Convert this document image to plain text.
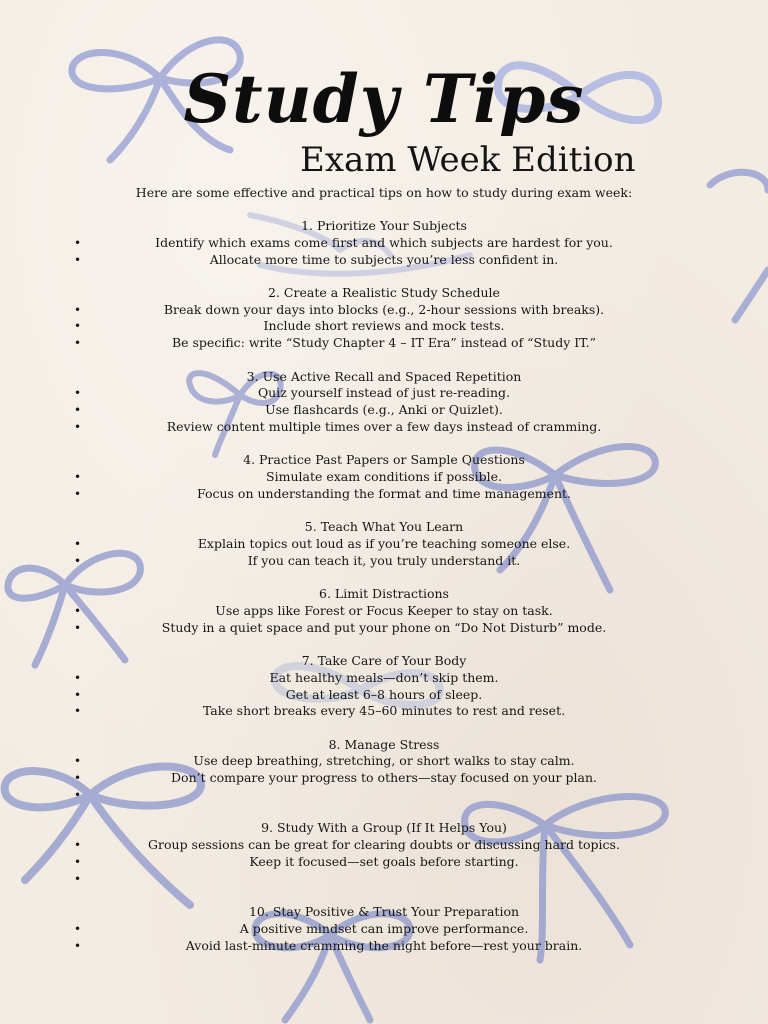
Study Tips
Exam Week Edition
Here are some effective and practical tips on how to study during exam week:
1. Prioritize Your Subjects
•	Identify which exams come first and which subjects are hardest for you.
•	Allocate more time to subjects you’re less confident in.
2. Create a Realistic Study Schedule
•	Break down your days into blocks (e.g., 2-hour sessions with breaks).
•	Include short reviews and mock tests.
•	Be specific: write “Study Chapter 4 – IT Era” instead of “Study IT.”
3. Use Active Recall and Spaced Repetition
•	Quiz yourself instead of just re-reading.
•	Use flashcards (e.g., Anki or Quizlet).
•	Review content multiple times over a few days instead of cramming.
4. Practice Past Papers or Sample Questions
•	Simulate exam conditions if possible.
•	Focus on understanding the format and time management.
5. Teach What You Learn
•	Explain topics out loud as if you’re teaching someone else.
•	If you can teach it, you truly understand it.
6. Limit Distractions
•	Use apps like Forest or Focus Keeper to stay on task.
•	Study in a quiet space and put your phone on “Do Not Disturb” mode.
7. Take Care of Your Body
•	Eat healthy meals—don’t skip them.
•	Get at least 6–8 hours of sleep.
•	Take short breaks every 45–60 minutes to rest and reset.
8. Manage Stress
•	Use deep breathing, stretching, or short walks to stay calm.
•	Don’t compare your progress to others—stay focused on your plan.
•
9. Study With a Group (If It Helps You)
•	Group sessions can be great for clearing doubts or discussing hard topics.
•	Keep it focused—set goals before starting.
•
10. Stay Positive & Trust Your Preparation
•	A positive mindset can improve performance.
•	Avoid last-minute cramming the night before—rest your brain.
